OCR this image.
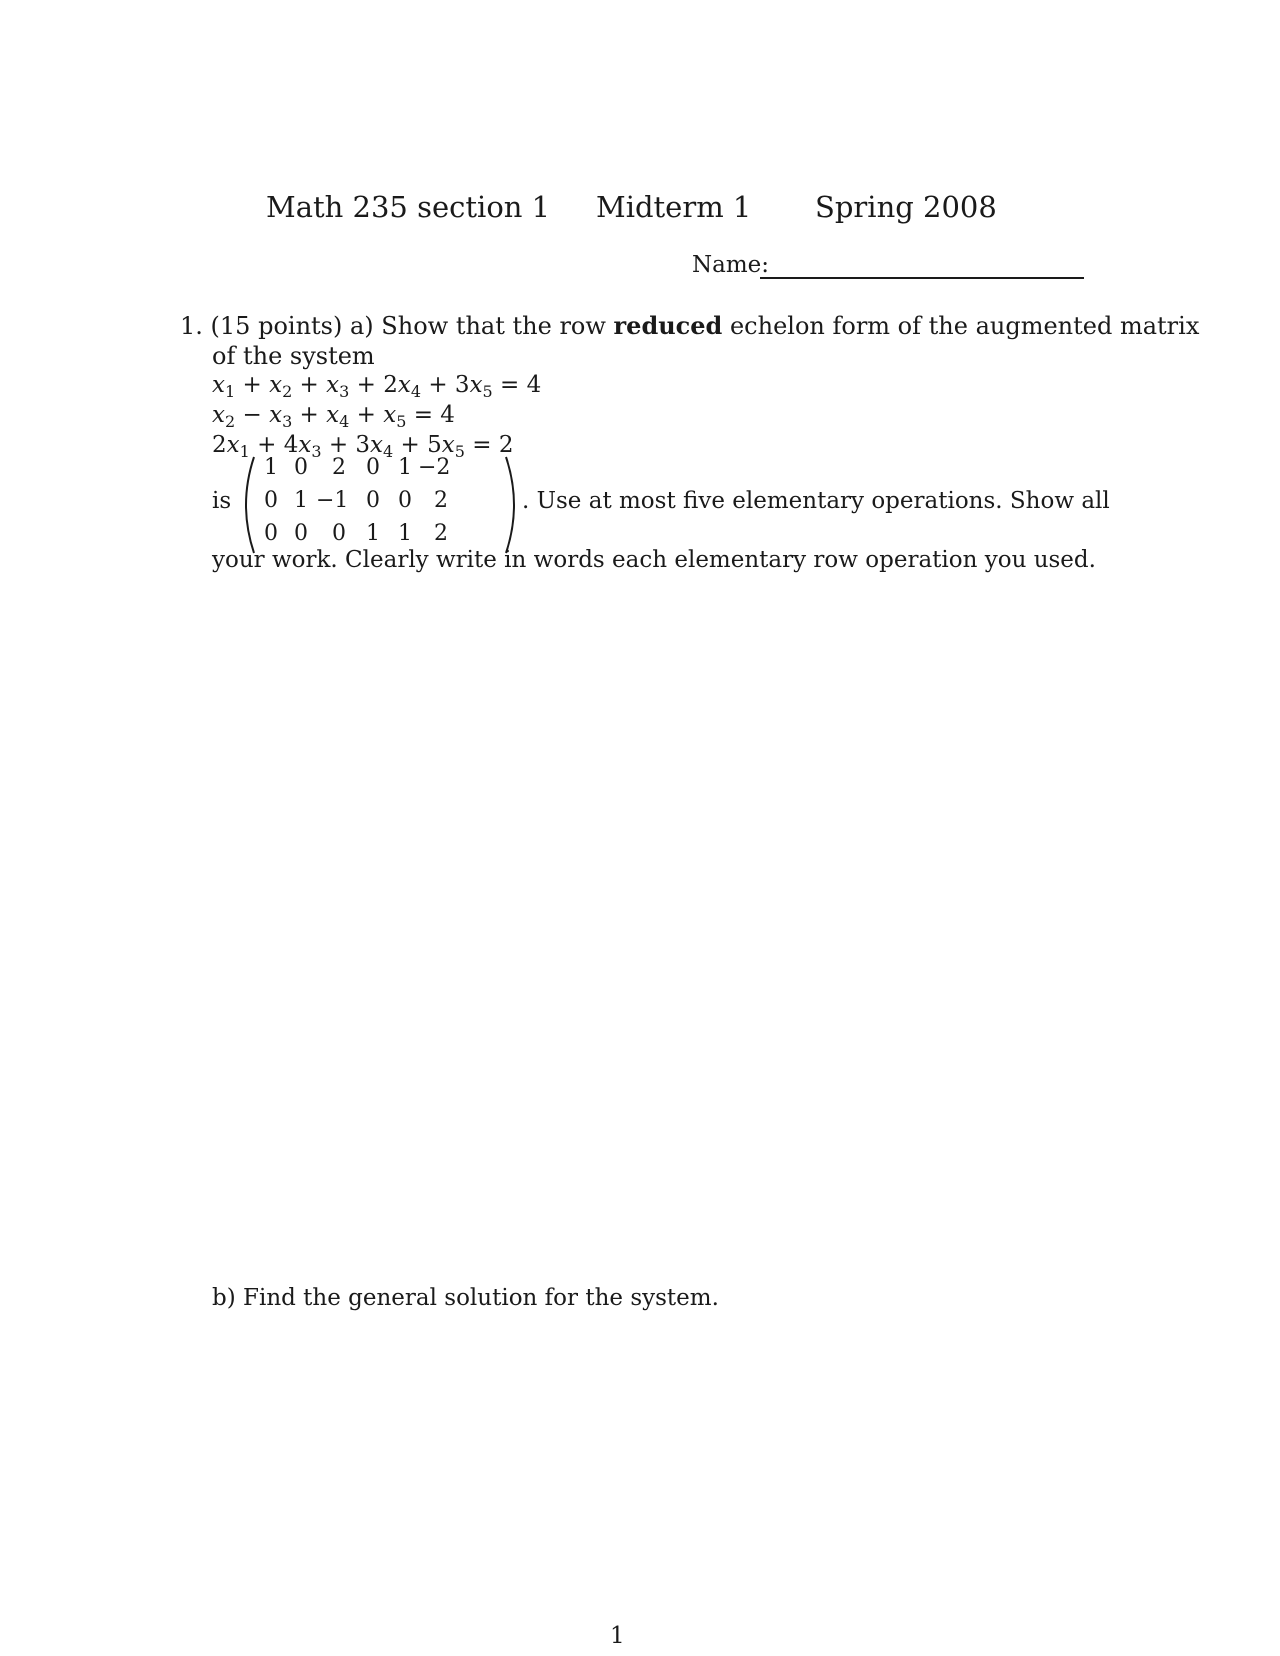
Math 235 section 1 Midterm 1 Spring 2008
Name:
1. (15 points) a) Show that the row reduced echelon form of the augmented matrix
of the system
$x_1 + x_2 + x_3 + 2x_4 + 3x_5 = 4$
$x_2 - x_3 + x_4 + x_5 = 4$
$2x_1 + 4x_3 + 3x_4 + 5x_5 = 2$
is
1 0	2 0 1 −2
0 1 −1 0 0	2
0 0	0 1 1	2
. Use at most five elementary operations. Show all
your work. Clearly write in words each elementary row operation you used.
b) Find the general solution for the system.
1
